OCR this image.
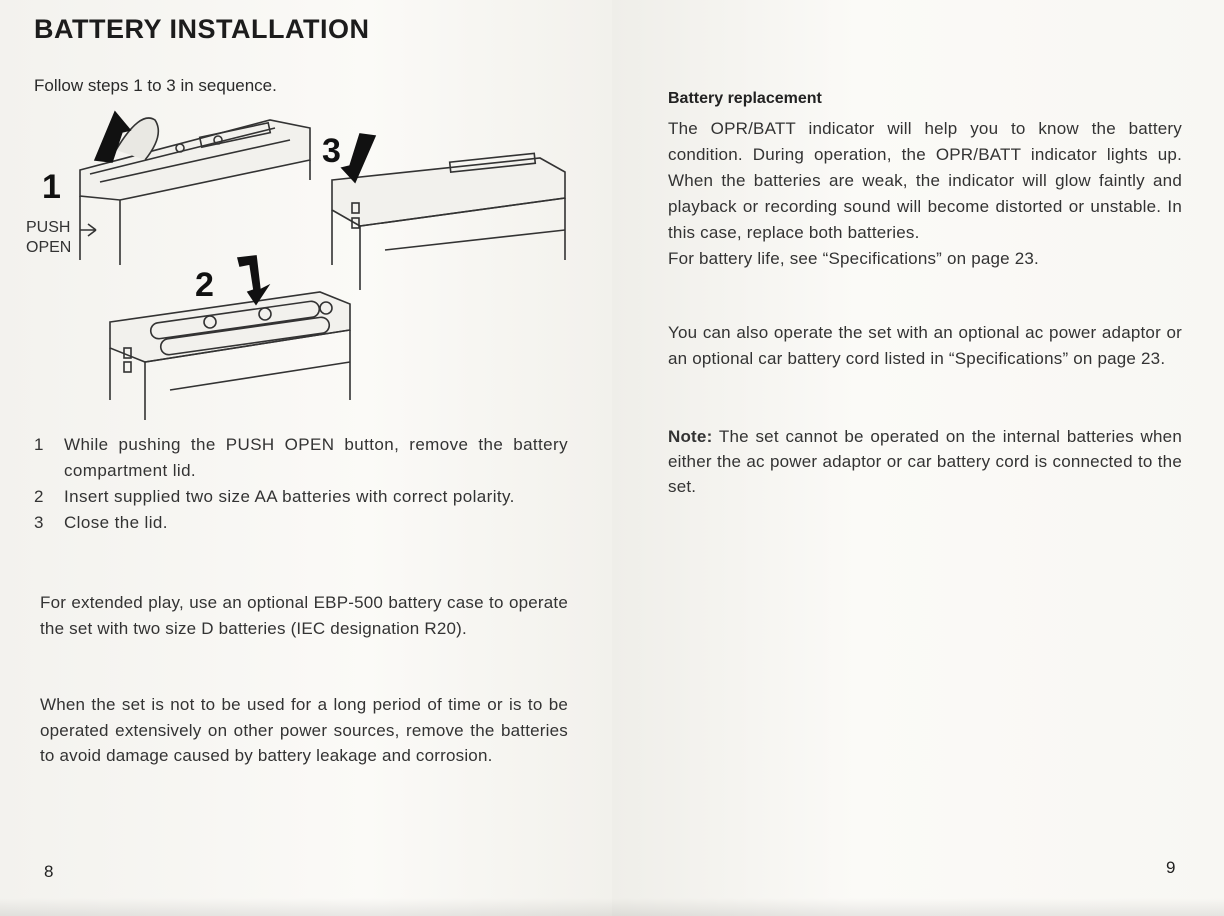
BATTERY INSTALLATION
Follow steps 1 to 3 in sequence.
1
3
2
PUSH
OPEN
1	While pushing the PUSH OPEN button, remove the battery compartment lid.
2	Insert supplied two size AA batteries with correct polarity.
3	Close the lid.

For extended play, use an optional EBP-500 battery case to operate the set with two size D batteries (IEC designation R20).

When the set is not to be used for a long period of time or is to be operated extensively on other power sources, remove the batteries to avoid damage caused by battery leakage and corrosion.

8
Battery replacement

The OPR/BATT indicator will help you to know the battery condition. During operation, the OPR/BATT indicator lights up. When the batteries are weak, the indicator will glow faintly and playback or recording sound will become distorted or unstable. In this case, replace both batteries.
For battery life, see “Specifications” on page 23.

You can also operate the set with an optional ac power adaptor or an optional car battery cord listed in “Specifications” on page 23.

Note: The set cannot be operated on the internal batteries when either the ac power adaptor or car battery cord is connected to the set.

9
